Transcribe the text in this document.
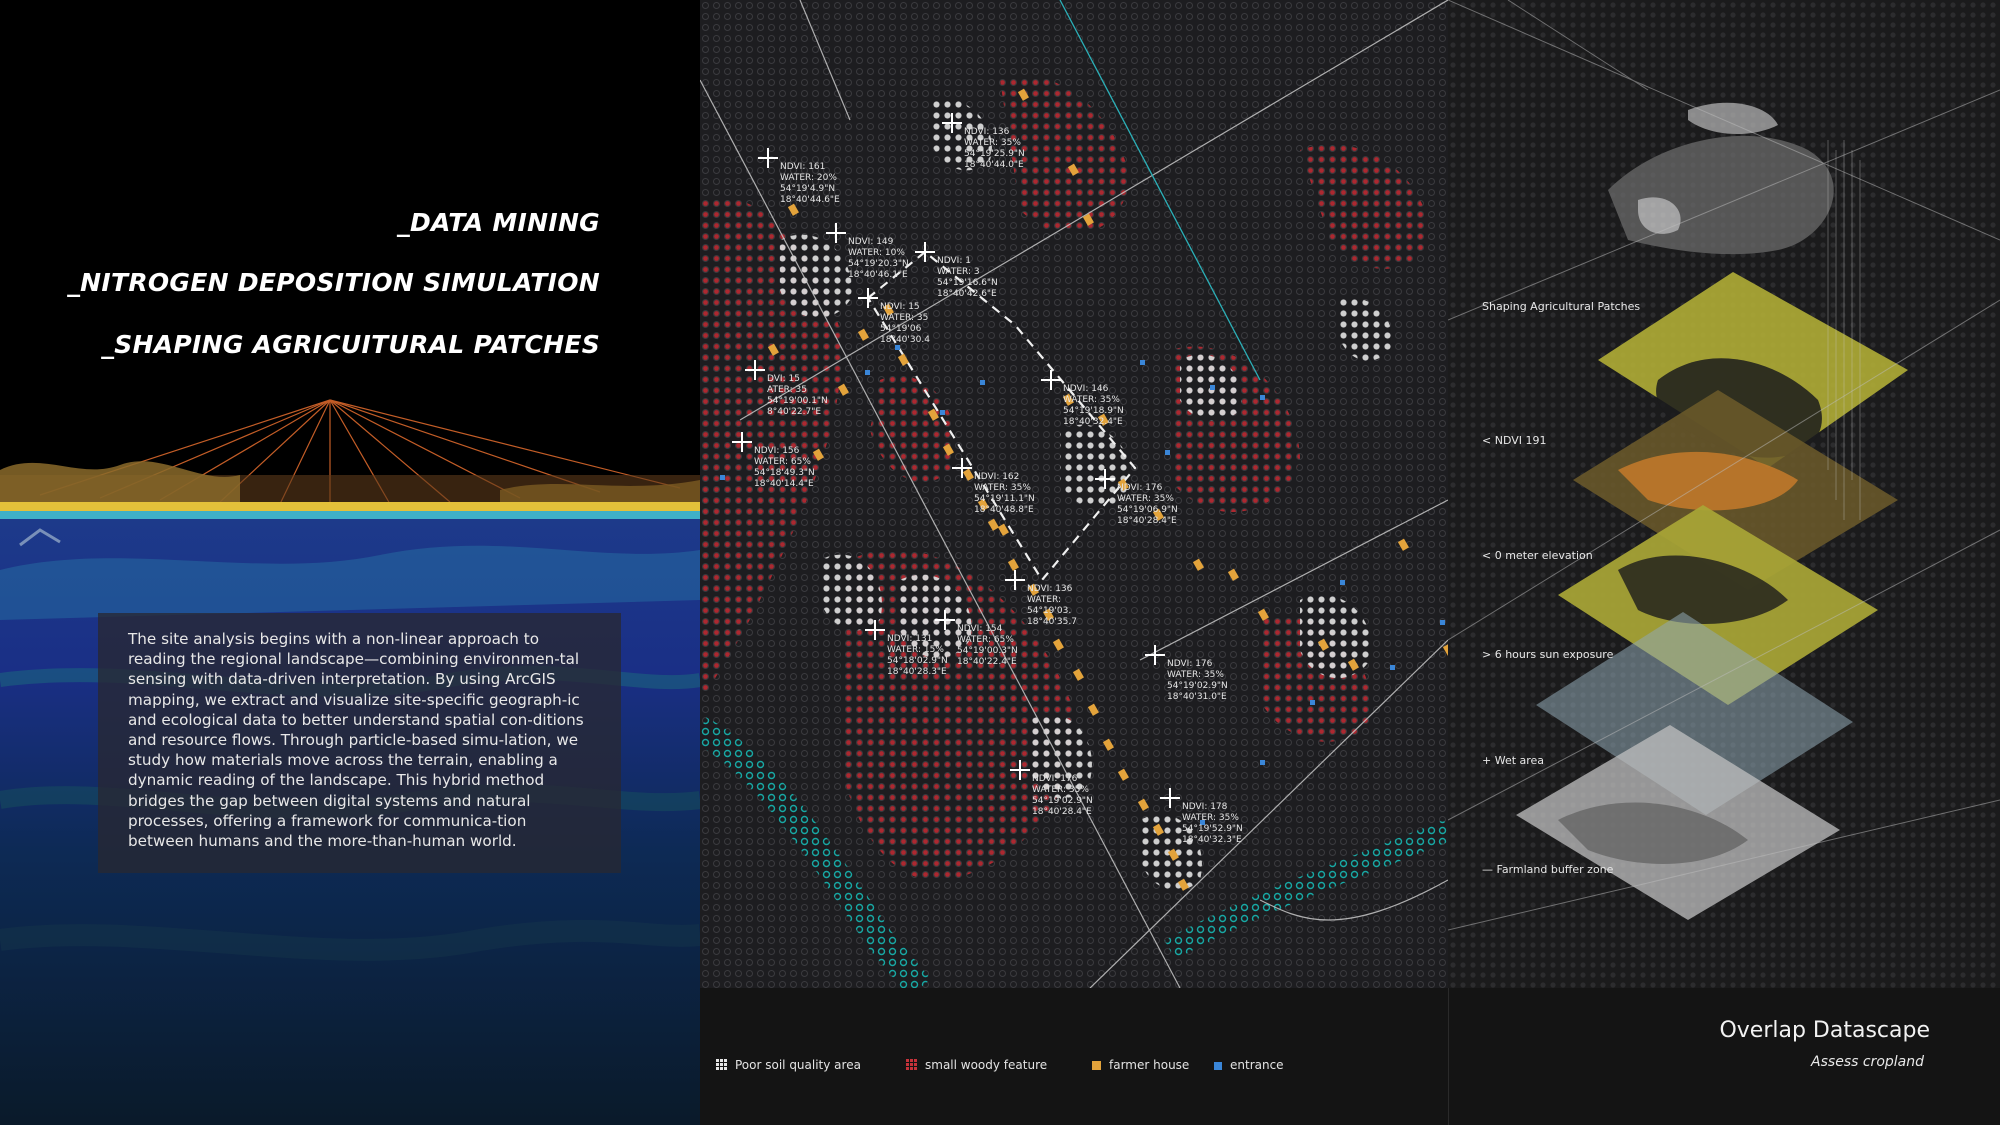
_DATA MINING
_NITROGEN DEPOSITION SIMULATION
_SHAPING AGRICUITURAL PATCHES
The site analysis begins with a non-linear approach to reading the regional landscape—combining environmen-tal sensing with data-driven interpretation. By using ArcGIS mapping, we extract and visualize site-specific geograph-ic and ecological data to better understand spatial con-ditions and resource flows. Through particle-based simu-lation, we study how materials move across the terrain, enabling a dynamic reading of the landscape. This hybrid method bridges the gap between digital systems and natural processes, offering a framework for communica-tion between humans and the more-than-human world.
NDVI: 161
WATER: 20%
54°19'4.9"N
18°40'44.6"E
NDVI: 136
WATER: 35%
54°19'25.9"N
18°40'44.0"E
NDVI: 149
WATER: 10%
54°19'20.3"N
18°40'46.1"E
NDVI: 1
WATER: 3
54°19'16.6"N
18°40'42.6"E
NDVI: 15
WATER: 35
54°19'06
18°40'30.4
DVI: 15
ATER: 35
54°19'00.1"N
8°40'22.7"E
NDVI: 146
WATER: 35%
54°19'18.9"N
18°40'32.4"E
NDVI: 162
WATER: 35%
54°19'11.1"N
18°40'48.8"E
NDVI: 156
WATER: 65%
54°18'49.3"N
18°40'14.4"E	NDVI: 176
WATER: 35%
54°19'06.9"N
18°40'28.4"E
NDVI: 136
WATER:
54°19'03.
18°40'35.7
NDVI: 154
WATER: 65%
54°19'00.3"N
18°40'22.4"E
NDVI: 176
WATER: 35%
54°19'02.9"N
18°40'28.4"E
NDVI: 176
WATER: 35%
54°19'02.9"N
18°40'31.0"E
NDVI: 178
WATER: 35%
54°19'52.9"N
18°40'32.3"E
NDVI: 131
WATER: 15%
54°18'02.9"N
18°40'28.3"E
Shaping Agricultural Patches
< NDVI 191
< 0 meter elevation
> 6 hours sun exposure
+ Wet area
— Farmland buffer zone
Poor soil quality area	small woody feature	farmer house	entrance
Overlap Datascape
Assess cropland
